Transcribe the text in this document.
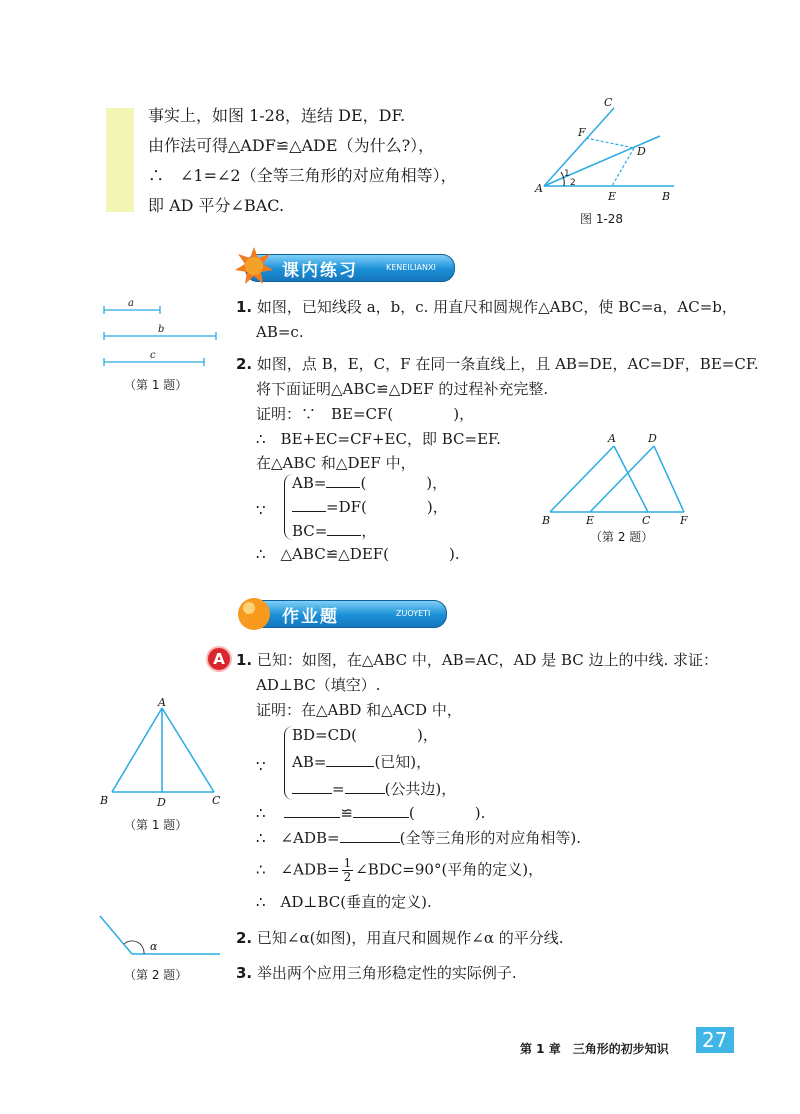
事实上，如图 1-28，连结 DE，DF.
由作法可得△ADF≌△ADE（为什么?），
∴　∠1=∠2（全等三角形的对应角相等），
即 AD 平分∠BAC.
C
F
D
A
E	B
1
2
图 1-28
课内练习	KENEILIANXI
1. 如图，已知线段 a，b，c. 用直尺和圆规作△ABC，使 BC=a，AC=b，
AB=c.
a
b
c
（第 1 题）
2. 如图，点 B，E，C，F 在同一条直线上，且 AB=DE，AC=DF，BE=CF.
将下面证明△ABC≌△DEF 的过程补充完整.
证明：∵　BE=CF(　　　　)，
∴　BE+EC=CF+EC，即 BC=EF.
在△ABC 和△DEF 中，
∵
AB= (　　　　)，
=DF(　　　　)，
BC= ，
∴　△ABC≌△DEF(　　　　).
A	D
B	E	C	F
（第 2 题）
作业题	ZUOYETI
A 1. 已知：如图，在△ABC 中，AB=AC，AD 是 BC 边上的中线. 求证：
AD⊥BC（填空）.
证明：在△ABD 和△ACD 中，
∵
BD=CD(　　　　)，
AB=	(已知)，
=	(公共边)，
∴	≌	(　　　　).
∴　∠ADB=	(全等三角形的对应角相等).
∴　∠ADB= $\frac{1}{2}$ ∠BDC=90°(平角的定义)，
∴　AD⊥BC(垂直的定义).
A
B	D	C
（第 1 题）
α
（第 2 题）
2. 已知∠α(如图)，用直尺和圆规作∠α 的平分线.
3. 举出两个应用三角形稳定性的实际例子.
第 1 章　三角形的初步知识 27
